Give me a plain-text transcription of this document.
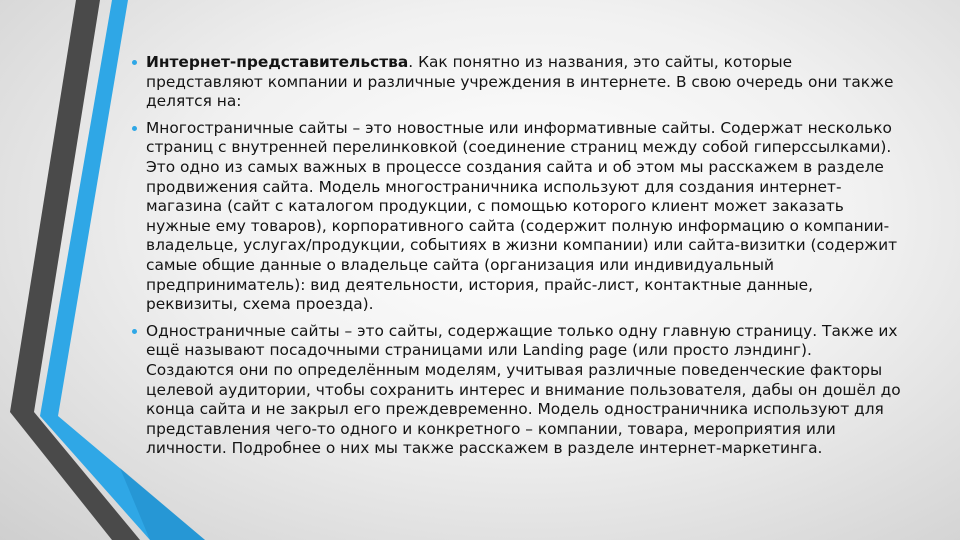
Интернет-представительства. Как понятно из названия, это сайты, которые представляют компании и различные учреждения в интернете. В свою очередь они также делятся на:
Многостраничные сайты – это новостные или информативные сайты. Содержат несколько страниц с внутренней перелинковкой (соединение страниц между собой гиперссылками). Это одно из самых важных в процессе создания сайта и об этом мы расскажем в разделе продвижения сайта. Модель многостраничника используют для создания интернет-магазина (сайт с каталогом продукции, с помощью которого клиент может заказать нужные ему товаров), корпоративного сайта (содержит полную информацию о компании-владельце, услугах/продукции, событиях в жизни компании) или сайта-визитки (содержит самые общие данные о владельце сайта (организация или индивидуальный предприниматель): вид деятельности, история, прайс-лист, контактные данные, реквизиты, схема проезда).
Одностраничные сайты – это сайты, содержащие только одну главную страницу. Также их ещё называют посадочными страницами или Landing page (или просто лэндинг). Создаются они по определённым моделям, учитывая различные поведенческие факторы целевой аудитории, чтобы сохранить интерес и внимание пользователя, дабы он дошёл до конца сайта и не закрыл его преждевременно. Модель одностраничника используют для представления чего-то одного и конкретного – компании, товара, мероприятия или личности. Подробнее о них мы также расскажем в разделе интернет-маркетинга.
